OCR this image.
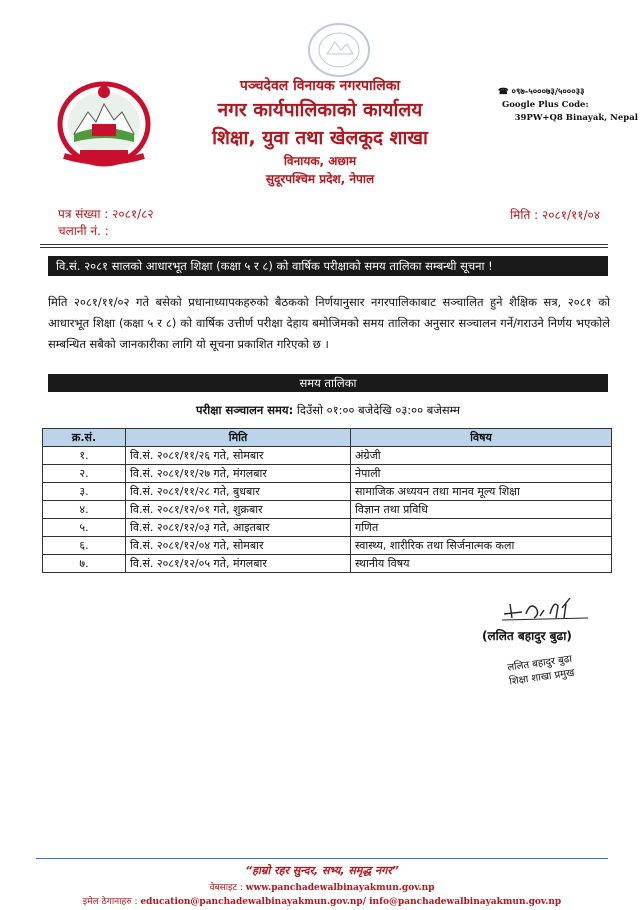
पञ्चदेवल विनायक नगरपालिका
नगर कार्यपालिकाको कार्यालय
शिक्षा, युवा तथा खेलकूद शाखा
विनायक, अछाम
सुदूरपश्चिम प्रदेश, नेपाल
☎ ०९७-५०००७३/५०००३३
Google Plus Code:
39PW+Q8 Binayak, Nepal
पत्र संख्या : २०८१/८२
चलानी नं. :
मिति : २०८१/११/०४
वि.सं. २०८१ सालको आधारभूत शिक्षा (कक्षा ५ र ८) को वार्षिक परीक्षाको समय तालिका सम्बन्धी सूचना !
मिति २०८१/११/०२ गते बसेको प्रधानाध्यापकहरुको बैठकको निर्णयानुसार नगरपालिकाबाट सञ्चालित हुने शैक्षिक सत्र, २०८१ को आधारभूत शिक्षा (कक्षा ५ र ८) को वार्षिक उत्तीर्ण परीक्षा देहाय बमोजिमको समय तालिका अनुसार सञ्चालन गर्ने/गराउने निर्णय भएकोले सम्बन्धित सबैको जानकारीका लागि यो सूचना प्रकाशित गरिएको छ ।
समय तालिका
परीक्षा सञ्चालन समय: दिउँसो ०१:०० बजेदेखि ०३:०० बजेसम्म
क्र.सं.	मिति	विषय
१.	वि.सं. २०८१/११/२६ गते, सोमबार	अंग्रेजी
२.	वि.सं. २०८१/११/२७ गते, मंगलबार	नेपाली
३.	वि.सं. २०८१/११/२८ गते, बुधबार	सामाजिक अध्ययन तथा मानव मूल्य शिक्षा
४.	वि.सं. २०८१/१२/०१ गते, शुक्रबार	विज्ञान तथा प्रविधि
५.	वि.सं. २०८१/१२/०३ गते, आइतबार	गणित
६.	वि.सं. २०८१/१२/०४ गते, सोमबार	स्वास्थ्य, शारीरिक तथा सिर्जनात्मक कला
७.	वि.सं. २०८१/१२/०५ गते, मंगलबार	स्थानीय विषय
(ललित बहादुर बुढा)
ललित बहादुर बुढा
शिक्षा शाखा प्रमुख
“हाम्रो रहर सुन्दर, सभ्य, समृद्ध नगर”
वेबसाइट : www.panchadewalbinayakmun.gov.np
इमेल ठेगानाहरु : education@panchadewalbinayakmun.gov.np/ info@panchadewalbinayakmun.gov.np
